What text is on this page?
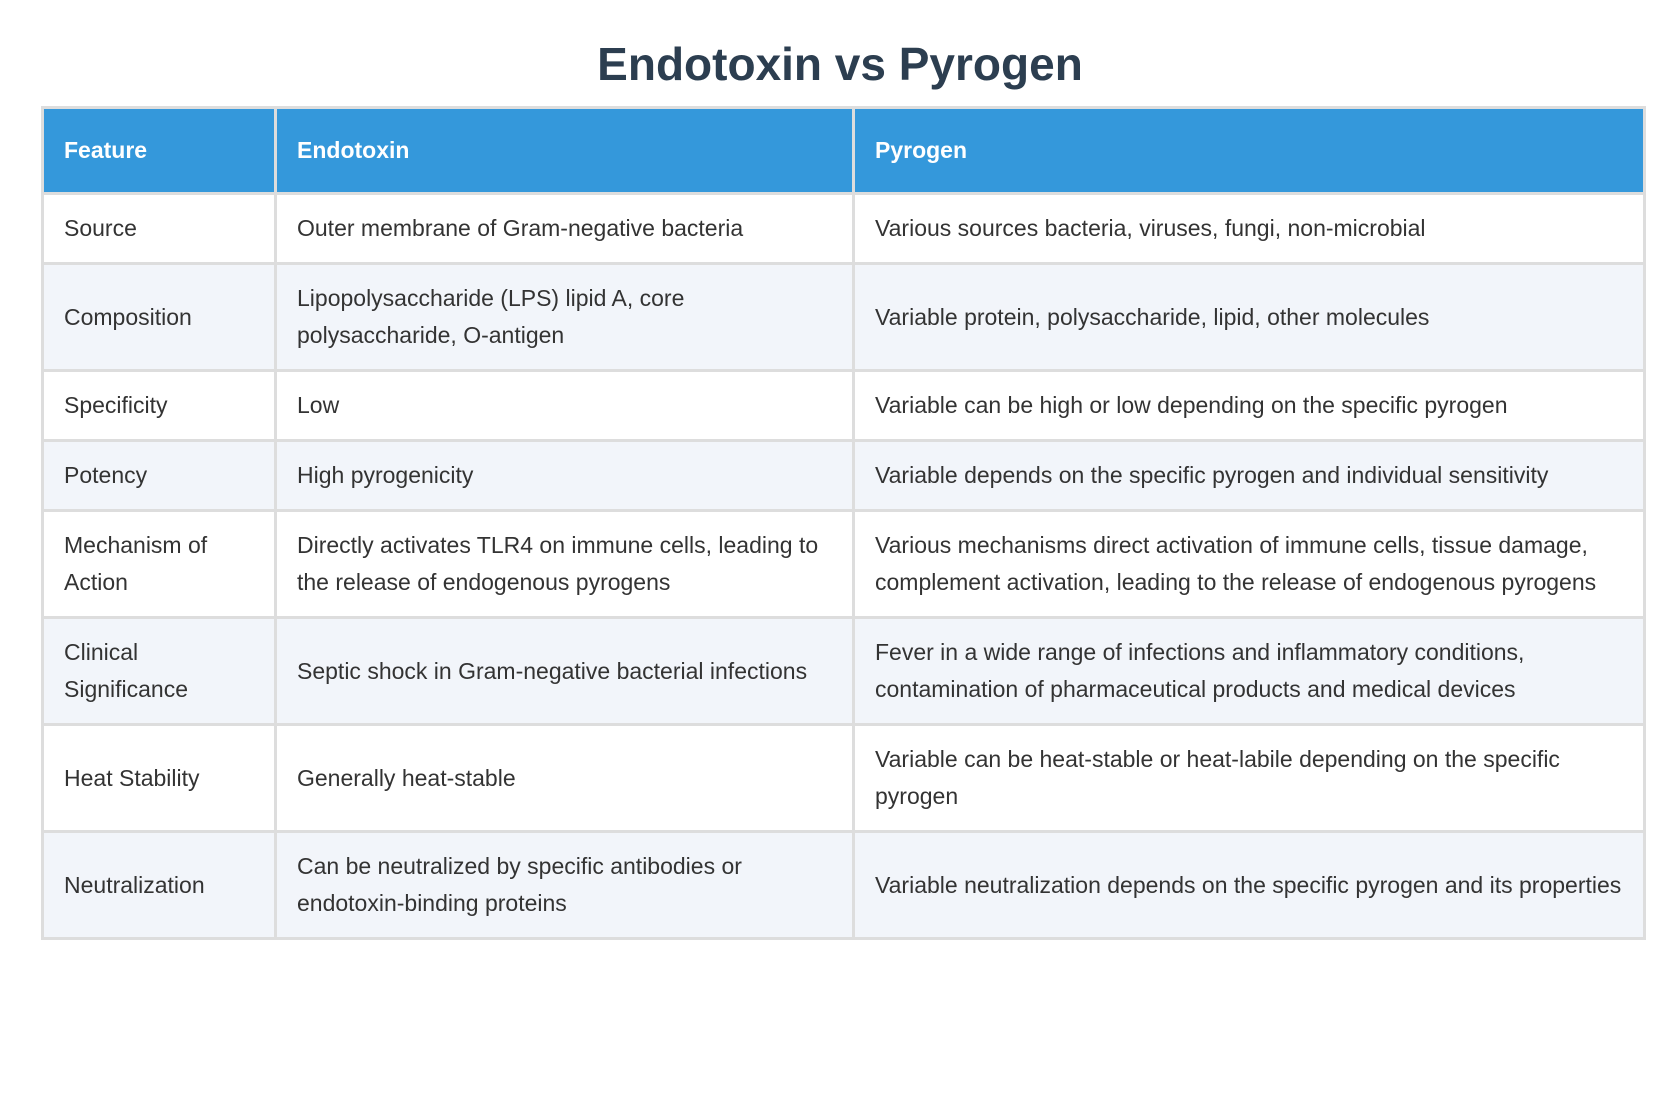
Endotoxin vs Pyrogen
Feature	Endotoxin	Pyrogen
Source	Outer membrane of Gram-negative bacteria	Various sources bacteria, viruses, fungi, non-microbial
Composition	Lipopolysaccharide (LPS) lipid A, core polysaccharide, O-antigen	Variable protein, polysaccharide, lipid, other molecules
Specificity	Low	Variable can be high or low depending on the specific pyrogen
Potency	High pyrogenicity	Variable depends on the specific pyrogen and individual sensitivity
Mechanism of Action	Directly activates TLR4 on immune cells, leading to the release of endogenous pyrogens	Various mechanisms direct activation of immune cells, tissue damage, complement activation, leading to the release of endogenous pyrogens
Clinical Significance	Septic shock in Gram-negative bacterial infections	Fever in a wide range of infections and inflammatory conditions, contamination of pharmaceutical products and medical devices
Heat Stability	Generally heat-stable	Variable can be heat-stable or heat-labile depending on the specific pyrogen
Neutralization	Can be neutralized by specific antibodies or endotoxin-binding proteins	Variable neutralization depends on the specific pyrogen and its properties
